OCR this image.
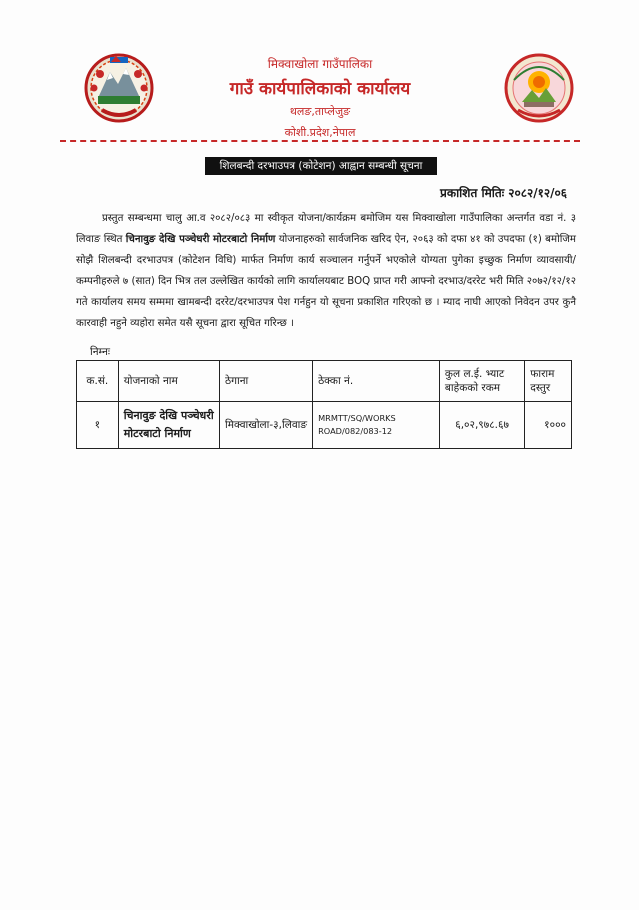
मिक्वाखोला गाउँपालिका
गाउँ कार्यपालिकाको कार्यालय
थलङ,ताप्लेजुङ
कोशी.प्रदेश,नेपाल
शिलबन्दी दरभाउपत्र (कोटेशन) आह्वान सम्बन्धी सूचना
प्रकाशित मितिः २०८२/१२/०६

प्रस्तुत सम्बन्धमा चालु आ.व २०८२/०८३ मा स्वीकृत योजना/कार्यक्रम बमोजिम यस मिक्वाखोला गाउँपालिका अन्तर्गत वडा नं. ३ लिवाङ स्थित चिनावुङ देखि पञ्चेधरी मोटरबाटो निर्माण योजनाहरुको सार्वजनिक खरिद ऐन, २०६३ को दफा ४१ को उपदफा (१) बमोजिम सोझै शिलबन्दी दरभाउपत्र (कोटेशन विधि) मार्फत निर्माण कार्य सञ्चालन गर्नुपर्ने भएकोले योग्यता पुगेका इच्छुक निर्माण व्यावसायी/कम्पनीहरुले ७ (सात) दिन भित्र तल उल्लेखित कार्यको लागि कार्यालयबाट BOQ प्राप्त गरी आफ्नो दरभाउ/दररेट भरी मिति २०७२/१२/१२ गते कार्यालय समय सम्ममा खामबन्दी दररेट/दरभाउपत्र पेश गर्नहुन यो सूचना प्रकाशित गरिएको छ । म्याद नाघी आएको निवेदन उपर कुनै कारवाही नहुने व्यहोरा समेत यसै सूचना द्वारा सूचित गरिन्छ ।

निम्नः
क.सं.	योजनाको नाम	ठेगाना	ठेक्का नं.	कुल ल.ई. भ्याट बाहेकको रकम	फाराम दस्तुर
१	चिनावुङ देखि पञ्चेधरी मोटरबाटो निर्माण	मिक्वाखोला-३,लिवाङ	MRMTT/SQ/WORKS ROAD/082/083-12	६,०२,९७८.६७	१०००
